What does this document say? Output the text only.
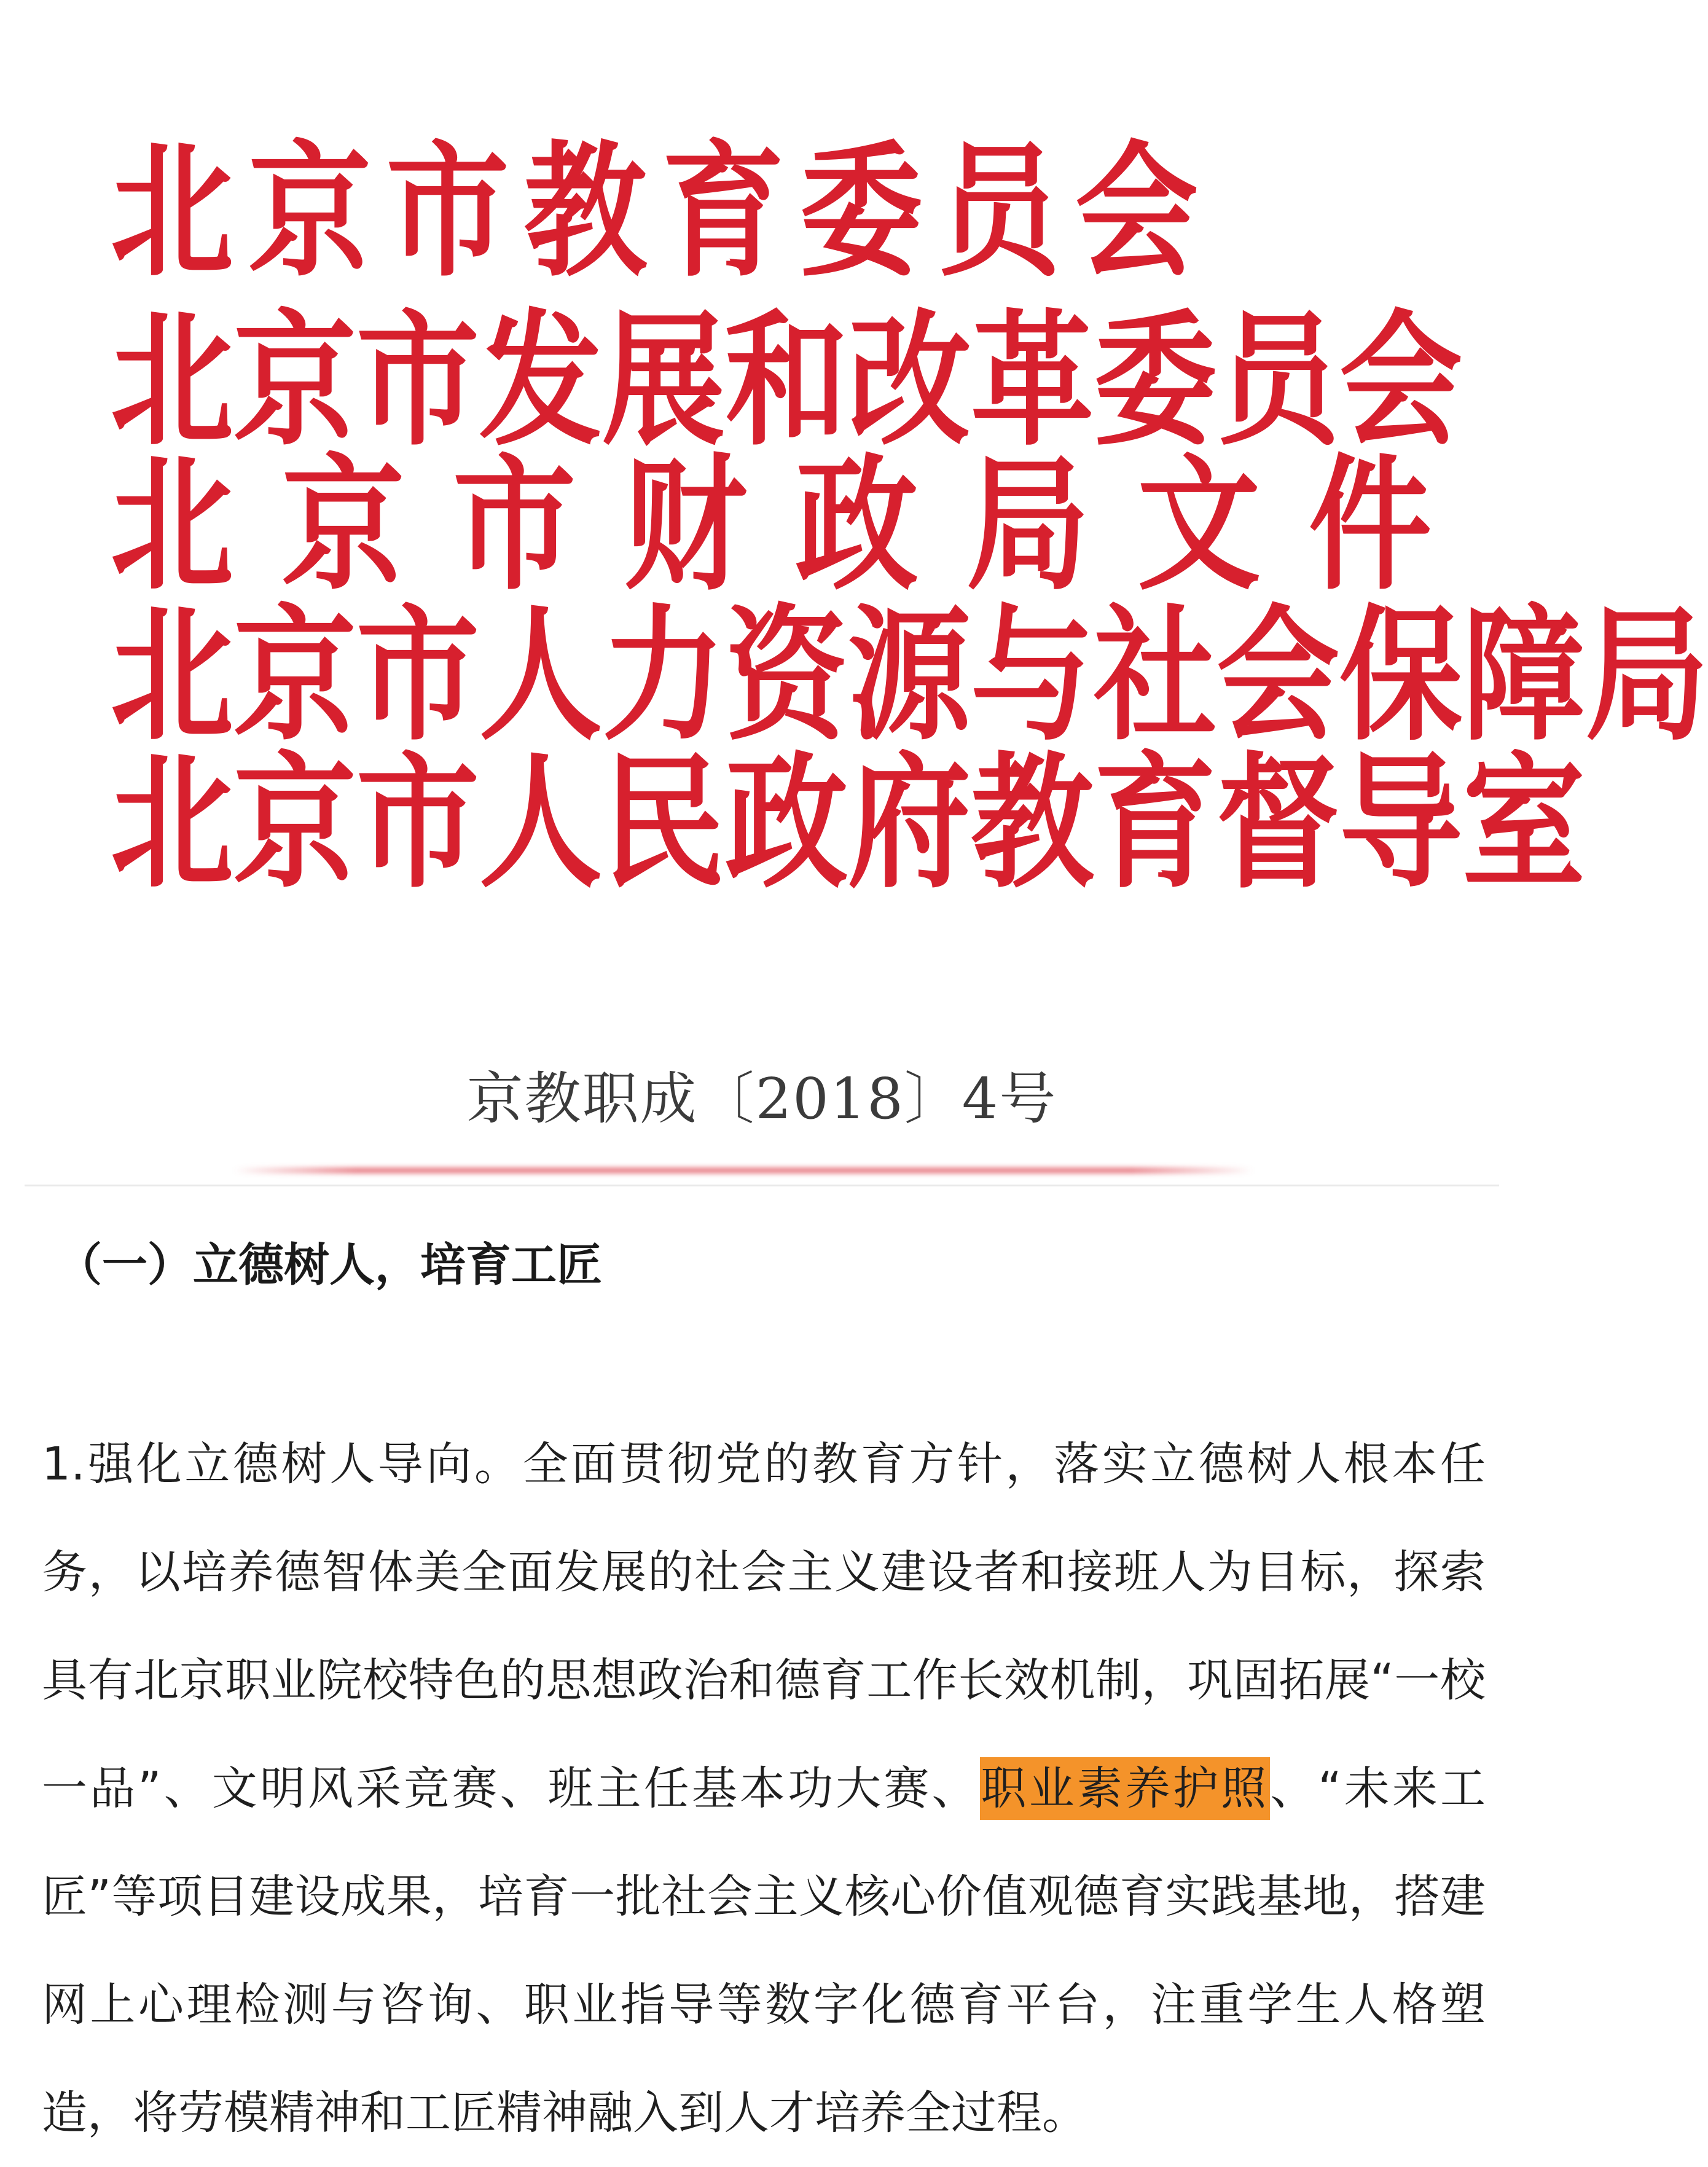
北 京 市 教 育 委 员 会
北 京 市 发 展 和 改 革 委 员 会
北 京 市 财 政 局 文 件
北 京 市 人 力 资 源 与 社 会 保 障 局
北 京 市 人 民 政 府 教 育 督 导 室
京教职成〔2018〕4号
（一）立德树人，培育工匠

1.强化立德树人导向。全面贯彻党的教育方针，落实立德树人根本任务，以培养德智体美全面发展的社会主义建设者和接班人为目标，探索具有北京职业院校特色的思想政治和德育工作长效机制，巩固拓展“一校一品”、文明风采竞赛、班主任基本功大赛、职业素养护照、“未来工匠”等项目建设成果，培育一批社会主义核心价值观德育实践基地，搭建网上心理检测与咨询、职业指导等数字化德育平台，注重学生人格塑造，将劳模精神和工匠精神融入到人才培养全过程。
